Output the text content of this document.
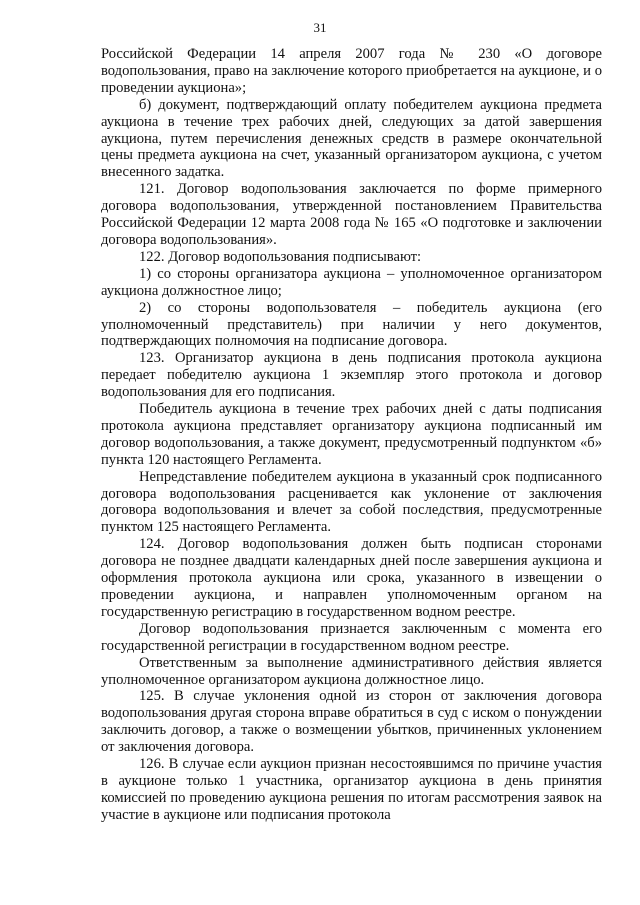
31

Российской Федерации 14 апреля 2007 года № 230 «О договоре водопользования, право на заключение которого приобретается на аукционе, и о проведении аукциона»;

б) документ, подтверждающий оплату победителем аукциона предмета аукциона в течение трех рабочих дней, следующих за датой завершения аукциона, путем перечисления денежных средств в размере окончательной цены предмета аукциона на счет, указанный организатором аукциона, с учетом внесенного задатка.

121. Договор водопользования заключается по форме примерного договора водопользования, утвержденной постановлением Правительства Российской Федерации 12 марта 2008 года № 165 «О подготовке и заключении договора водопользования».

122. Договор водопользования подписывают:

1) со стороны организатора аукциона – уполномоченное организатором аукциона должностное лицо;

2) со стороны водопользователя – победитель аукциона (его уполномоченный представитель) при наличии у него документов, подтверждающих полномочия на подписание договора.

123. Организатор аукциона в день подписания протокола аукциона передает победителю аукциона 1 экземпляр этого протокола и договор водопользования для его подписания.

Победитель аукциона в течение трех рабочих дней с даты подписания протокола аукциона представляет организатору аукциона подписанный им договор водопользования, а также документ, предусмотренный подпунктом «б» пункта 120 настоящего Регламента.

Непредставление победителем аукциона в указанный срок подписанного договора водопользования расценивается как уклонение от заключения договора водопользования и влечет за собой последствия, предусмотренные пунктом 125 настоящего Регламента.

124. Договор водопользования должен быть подписан сторонами договора не позднее двадцати календарных дней после завершения аукциона и оформления протокола аукциона или срока, указанного в извещении о проведении аукциона, и направлен уполномоченным органом на государственную регистрацию в государственном водном реестре.

Договор водопользования признается заключенным с момента его государственной регистрации в государственном водном реестре.

Ответственным за выполнение административного действия является уполномоченное организатором аукциона должностное лицо.

125. В случае уклонения одной из сторон от заключения договора водопользования другая сторона вправе обратиться в суд с иском о понуждении заключить договор, а также о возмещении убытков, причиненных уклонением от заключения договора.

126. В случае если аукцион признан несостоявшимся по причине участия в аукционе только 1 участника, организатор аукциона в день принятия комиссией по проведению аукциона решения по итогам рассмотрения заявок на участие в аукционе или подписания протокола
